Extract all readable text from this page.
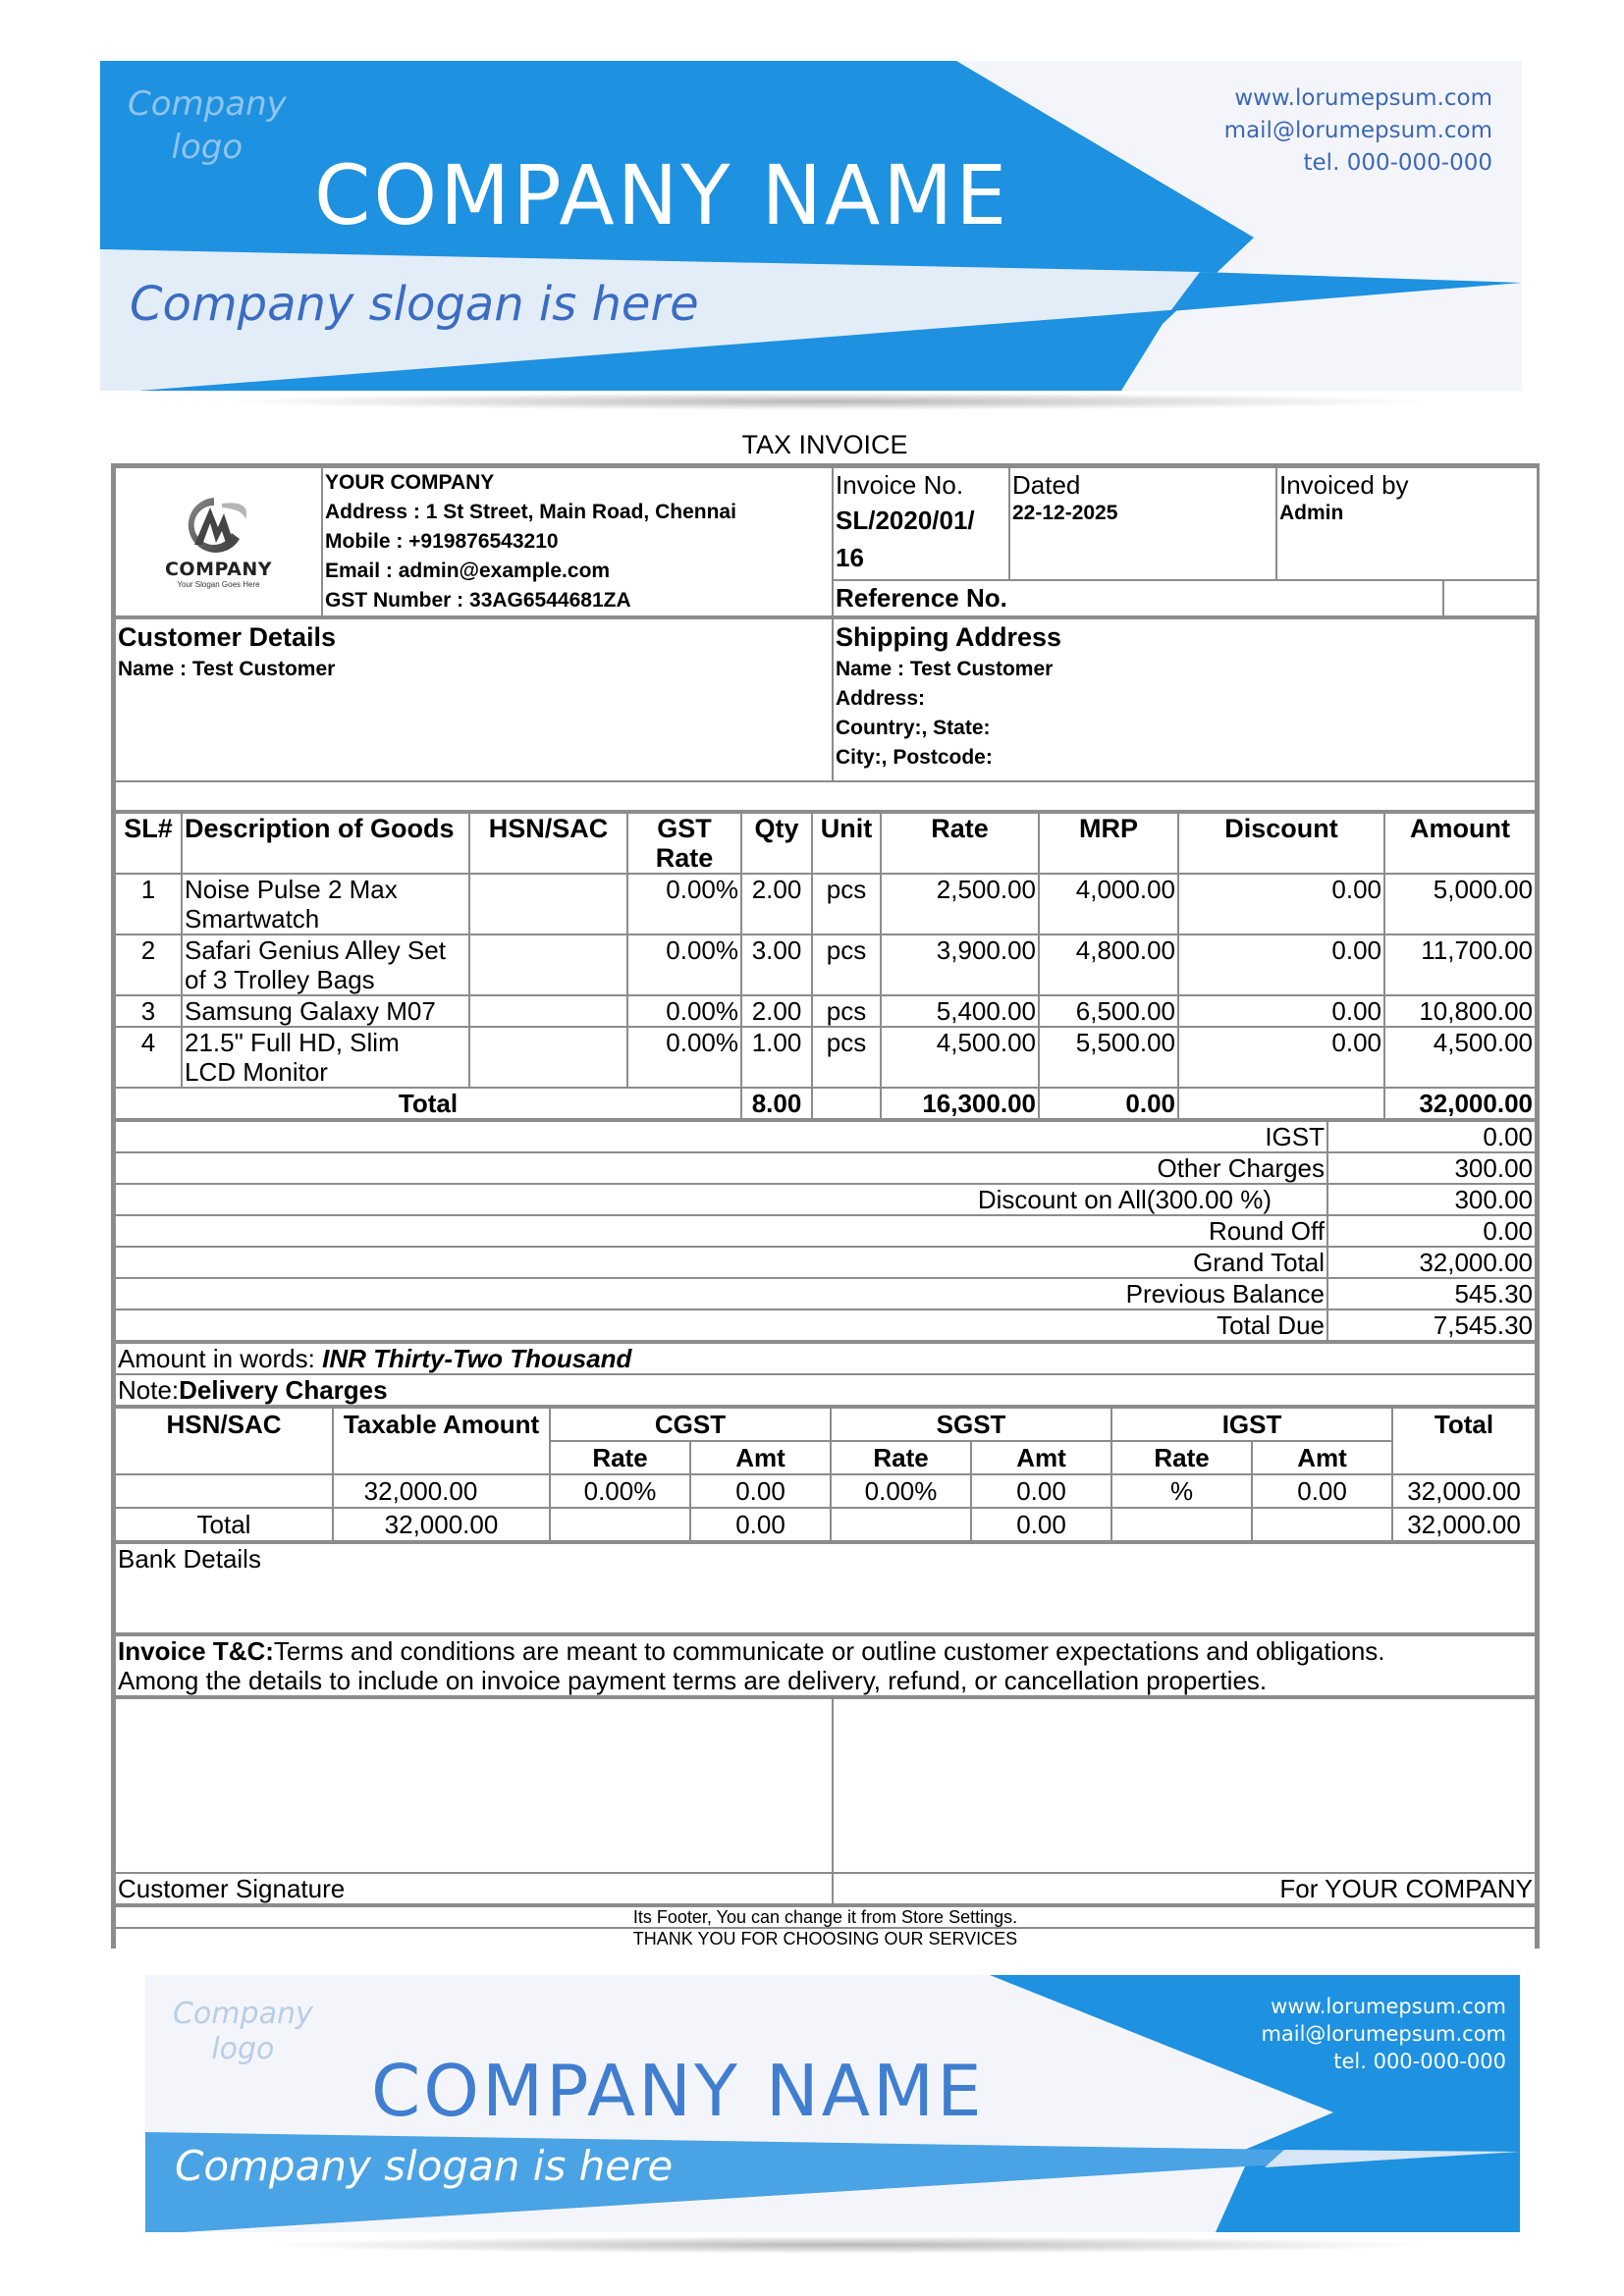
Company
logo COMPANY NAME
Company slogan is here
www.lorumepsum.com
mail@lorumepsum.com
tel. 000-000-000
TAX INVOICE
COMPANY
Your Slogan Goes Here

YOUR COMPANY
Address : 1 St Street, Main Road, Chennai
Mobile : +919876543210
Email : admin@example.com
GST Number : 33AG6544681ZA

Invoice No.
SL/2020/01/
16

Dated
22-12-2025

Invoiced by
Admin

		Reference No.			

Customer Details
Name : Test Customer

Shipping Address
Name : Test Customer
Address:
Country:, State:
City:, Postcode:

SL#	Description of Goods	HSN/SAC	GST
Rate	Qty	Unit	Rate	MRP	Discount	Amount
1	Noise Pulse 2 Max
Smartwatch		0.00%	2.00	pcs	2,500.00	4,000.00	0.00	5,000.00
2	Safari Genius Alley Set
of 3 Trolley Bags		0.00%	3.00	pcs	3,900.00	4,800.00	0.00	11,700.00
3	Samsung Galaxy M07		0.00%	2.00	pcs	5,400.00	6,500.00	0.00	10,800.00
4	21.5" Full HD, Slim
LCD Monitor		0.00%	1.00	pcs	4,500.00	5,500.00	0.00	4,500.00
Total				8.00		16,300.00	0.00		32,000.00
IGST	0.00
Other Charges	300.00
Discount on All(300.00 %)	300.00
Round Off	0.00
Grand Total	32,000.00
Previous Balance	545.30
Total Due	7,545.30
Amount in words: INR Thirty-Two Thousand
Note:Delivery Charges
HSN/SAC	Taxable Amount	CGST		SGST		IGST		Total
		Rate	Amt	Rate	Amt	Rate	Amt	
	32,000.00	0.00%	0.00	0.00%	0.00	%	0.00	32,000.00
Total	32,000.00		0.00		0.00			32,000.00
Bank Details
Invoice T&C:Terms and conditions are meant to communicate or outline customer expectations and obligations.
Among the details to include on invoice payment terms are delivery, refund, or cancellation properties.

Customer Signature	For YOUR COMPANY
Its Footer, You can change it from Store Settings.
THANK YOU FOR CHOOSING OUR SERVICES
Company
logo
COMPANY NAME
Company slogan is here
www.lorumepsum.com
mail@lorumepsum.com
tel. 000-000-000
